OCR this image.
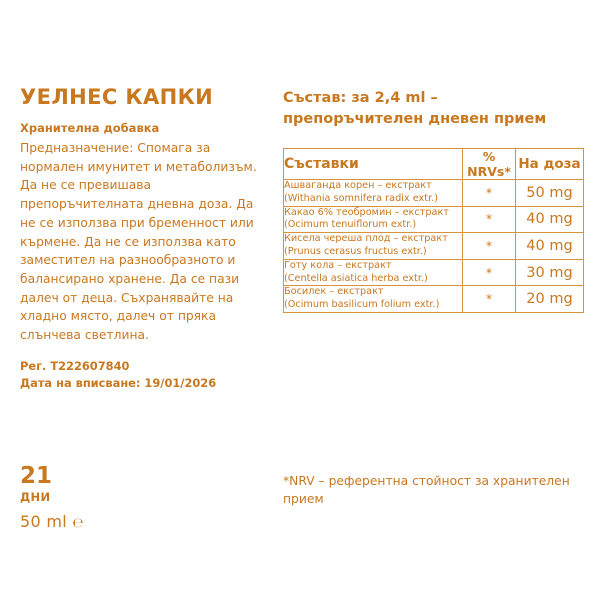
УЕЛНЕС КАПКИ

Хранителна добавка

Предназначение: Спомага за нормален имунитет и метаболизъм. Да не се превишава препоръчителната дневна доза. Да не се използва при бременност или кърмене. Да не се използва като заместител на разнообразното и балансирано хранене. Да се пази далеч от деца. Съхранявайте на хладно място, далеч от пряка слънчева светлина.

Рег. T222607840
Дата на вписване: 19/01/2026

21

ДНИ

50 ml ℮

Състав: за 2,4 ml – препоръчителен дневен прием
Съставки	% NRVs*	На доза
Ашваганда корен – екстракт
(Withania somnifera radix extr.)	*	50 mg
Какао 6% теобромин – екстракт
(Ocimum tenuiflorum extr.)	*	40 mg
Кисела череша плод – екстракт
(Prunus cerasus fructus extr.)	*	40 mg
Готу кола – екстракт
(Centella asiatica herba extr.)	*	30 mg
Босилек – екстракт
(Ocimum basilicum folium extr.)	*	20 mg
*NRV – референтна стойност за хранителен прием
